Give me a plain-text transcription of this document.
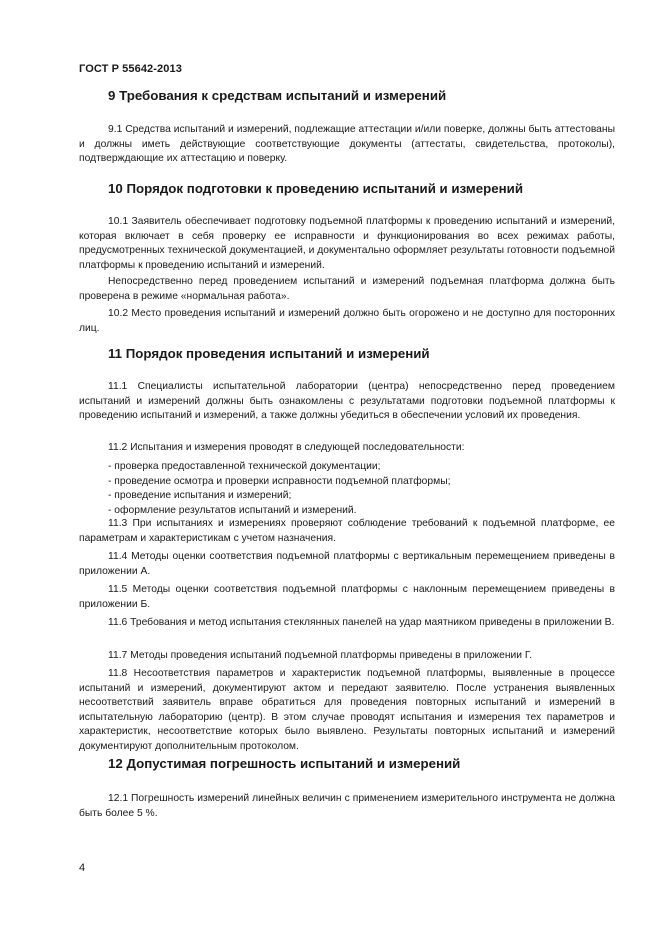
ГОСТ Р 55642-2013
9 Требования к средствам испытаний и измерений

9.1 Средства испытаний и измерений, подлежащие аттестации и/или поверке, должны быть аттестованы и должны иметь действующие соответствующие документы (аттестаты, свидетельства, протоколы), подтверждающие их аттестацию и поверку.

10 Порядок подготовки к проведению испытаний и измерений

10.1 Заявитель обеспечивает подготовку подъемной платформы к проведению испытаний и измерений, которая включает в себя проверку ее исправности и функционирования во всех режимах работы, предусмотренных технической документацией, и документально оформляет результаты готовности подъемной платформы к проведению испытаний и измерений.

Непосредственно перед проведением испытаний и измерений подъемная платформа должна быть проверена в режиме «нормальная работа».

10.2 Место проведения испытаний и измерений должно быть огорожено и не доступно для посторонних лиц.

11 Порядок проведения испытаний и измерений

11.1 Специалисты испытательной лаборатории (центра) непосредственно перед проведением испытаний и измерений должны быть ознакомлены с результатами подготовки подъемной платформы к проведению испытаний и измерений, а также должны убедиться в обеспечении условий их проведения.

11.2 Испытания и измерения проводят в следующей последовательности:

- проверка предоставленной технической документации;

- проведение осмотра и проверки исправности подъемной платформы;

- проведение испытания и измерений;

- оформление результатов испытаний и измерений.

11.3 При испытаниях и измерениях проверяют соблюдение требований к подъемной платформе, ее параметрам и характеристикам с учетом назначения.

11.4 Методы оценки соответствия подъемной платформы с вертикальным перемещением приведены в приложении А.

11.5 Методы оценки соответствия подъемной платформы с наклонным перемещением приведены в приложении Б.

11.6 Требования и метод испытания стеклянных панелей на удар маятником приведены в приложении В.

11.7 Методы проведения испытаний подъемной платформы приведены в приложении Г.

11.8 Несоответствия параметров и характеристик подъемной платформы, выявленные в процессе испытаний и измерений, документируют актом и передают заявителю. После устранения выявленных несоответствий заявитель вправе обратиться для проведения повторных испытаний и измерений в испытательную лабораторию (центр). В этом случае проводят испытания и измерения тех параметров и характеристик, несоответствие которых было выявлено. Результаты повторных испытаний и измерений документируют дополнительным протоколом.

12 Допустимая погрешность испытаний и измерений

12.1 Погрешность измерений линейных величин с применением измерительного инструмента не должна быть более 5 %.

4
